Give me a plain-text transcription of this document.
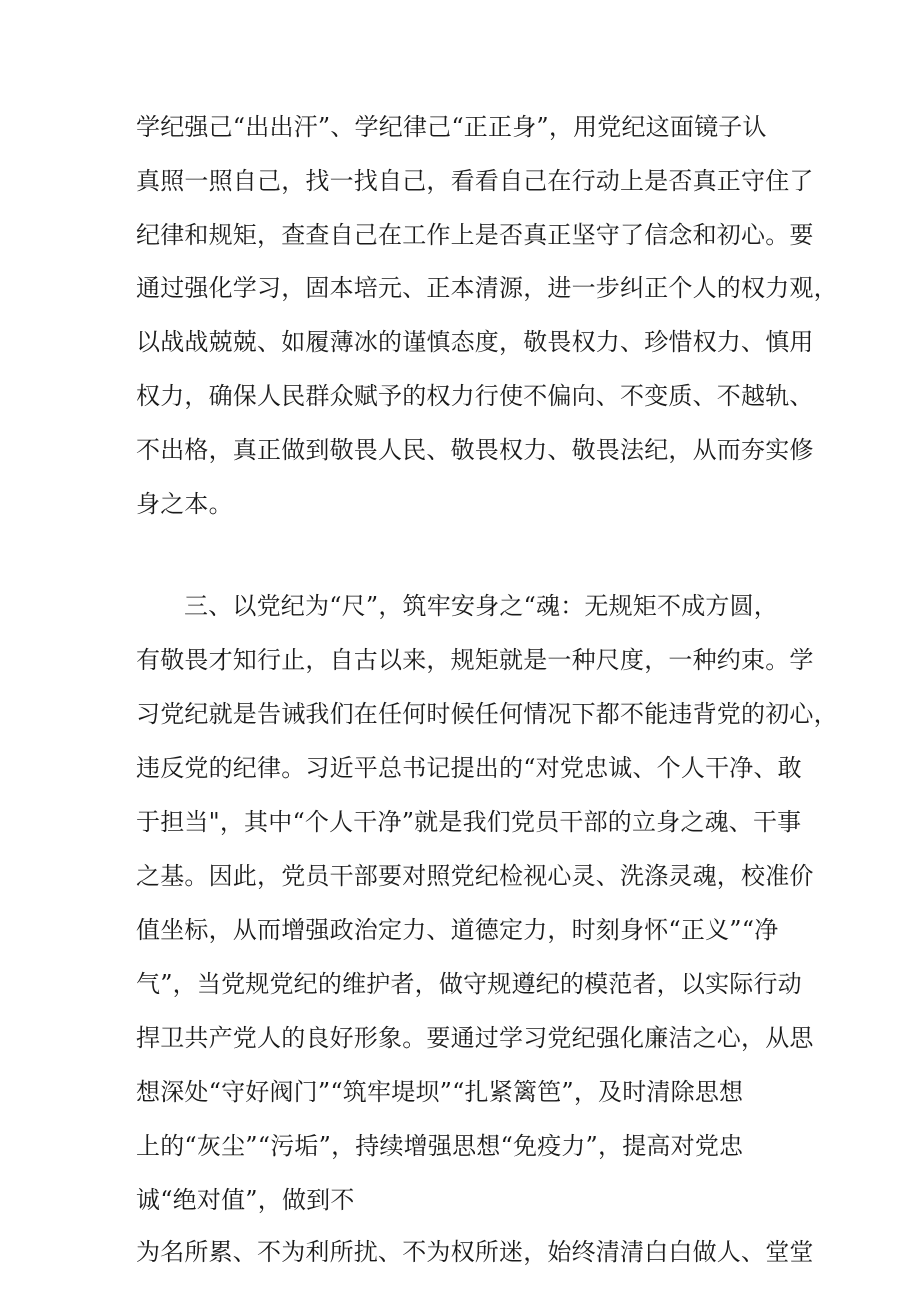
学纪强己“出出汗”、学纪律己“正正身”，用党纪这面镜子认
真照一照自己，找一找自己，看看自己在行动上是否真正守住了
纪律和规矩，查查自己在工作上是否真正坚守了信念和初心。要
通过强化学习，固本培元、正本清源，进一步纠正个人的权力观，
以战战兢兢、如履薄冰的谨慎态度，敬畏权力、珍惜权力、慎用
权力，确保人民群众赋予的权力行使不偏向、不变质、不越轨、
不出格，真正做到敬畏人民、敬畏权力、敬畏法纪，从而夯实修
身之本。
三、以党纪为“尺”，筑牢安身之“魂：无规矩不成方圆，
有敬畏才知行止，自古以来，规矩就是一种尺度，一种约束。学
习党纪就是告诫我们在任何时候任何情况下都不能违背党的初心，
违反党的纪律。习近平总书记提出的“对党忠诚、个人干净、敢
于担当"，其中“个人干净”就是我们党员干部的立身之魂、干事
之基。因此，党员干部要对照党纪检视心灵、洗涤灵魂，校准价
值坐标，从而增强政治定力、道德定力，时刻身怀“正义”“净
气”，当党规党纪的维护者，做守规遵纪的模范者，以实际行动
捍卫共产党人的良好形象。要通过学习党纪强化廉洁之心，从思
想深处“守好阀门”“筑牢堤坝”“扎紧篱笆”，及时清除思想
上的“灰尘”“污垢”，持续增强思想“免疫力”，提高对党忠
诚“绝对值”，做到不
为名所累、不为利所扰、不为权所迷，始终清清白白做人、堂堂
